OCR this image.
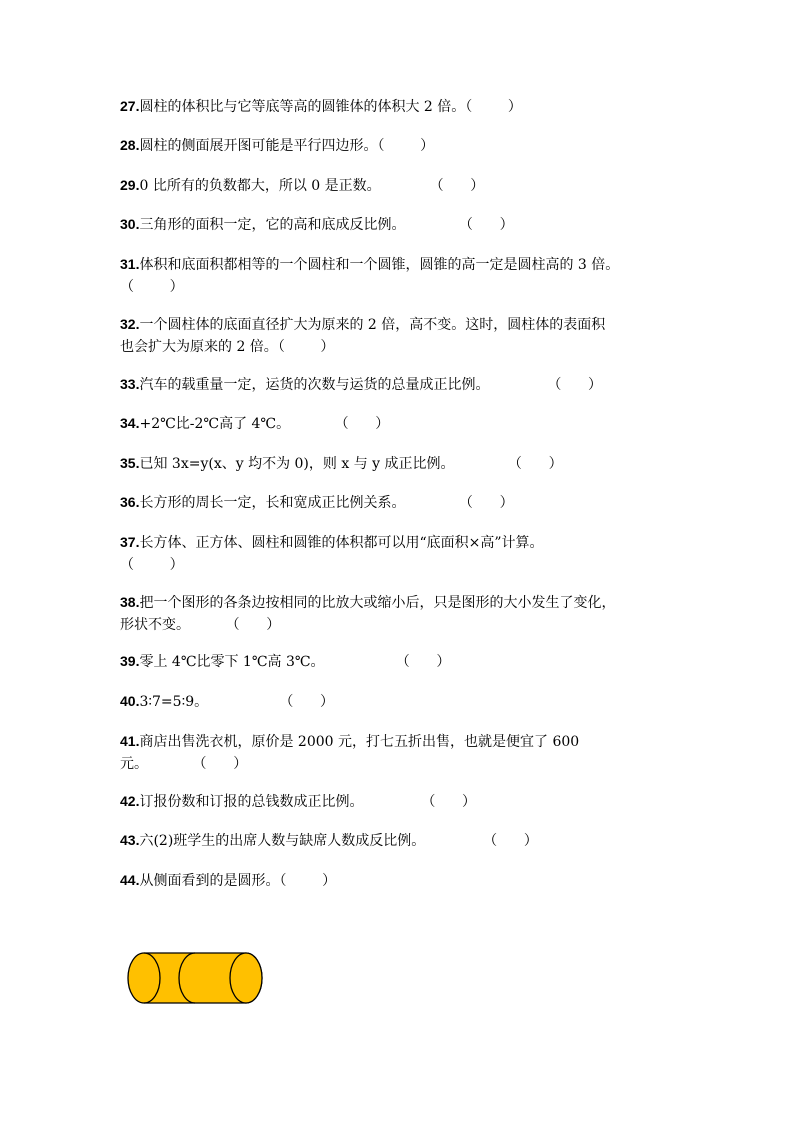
27.圆柱的体积比与它等底等高的圆锥体的体积大 2 倍。（        ）
28.圆柱的侧面展开图可能是平行四边形。（        ）
29.0 比所有的负数都大，所以 0 是正数。           （      ）
30.三角形的面积一定，它的高和底成反比例。            （      ）
31.体积和底面积都相等的一个圆柱和一个圆锥，圆锥的高一定是圆柱高的 3 倍。
（        ）
32.一个圆柱体的底面直径扩大为原来的 2 倍，高不变。这时，圆柱体的表面积
也会扩大为原来的 2 倍。（        ）
33.汽车的载重量一定，运货的次数与运货的总量成正比例。             （      ）
34.+2℃比-2℃高了 4℃。          （      ）
35.已知 3x=y(x、y 均不为 0)，则 x 与 y 成正比例。            （      ）
36.长方形的周长一定，长和宽成正比例关系。            （      ）
37.长方体、正方体、圆柱和圆锥的体积都可以用“底面积×高”计算。
（        ）
38.把一个图形的各条边按相同的比放大或缩小后，只是图形的大小发生了变化，
形状不变。        （      ）
39.零上 4℃比零下 1℃高 3℃。                （      ）
40.3∶7=5∶9。                （      ）
41.商店出售洗衣机，原价是 2000 元，打七五折出售，也就是便宜了 600
元。          （      ）
42.订报份数和订报的总钱数成正比例。             （      ）
43.六(2)班学生的出席人数与缺席人数成反比例。             （      ）
44.从侧面看到的是圆形。（        ）
